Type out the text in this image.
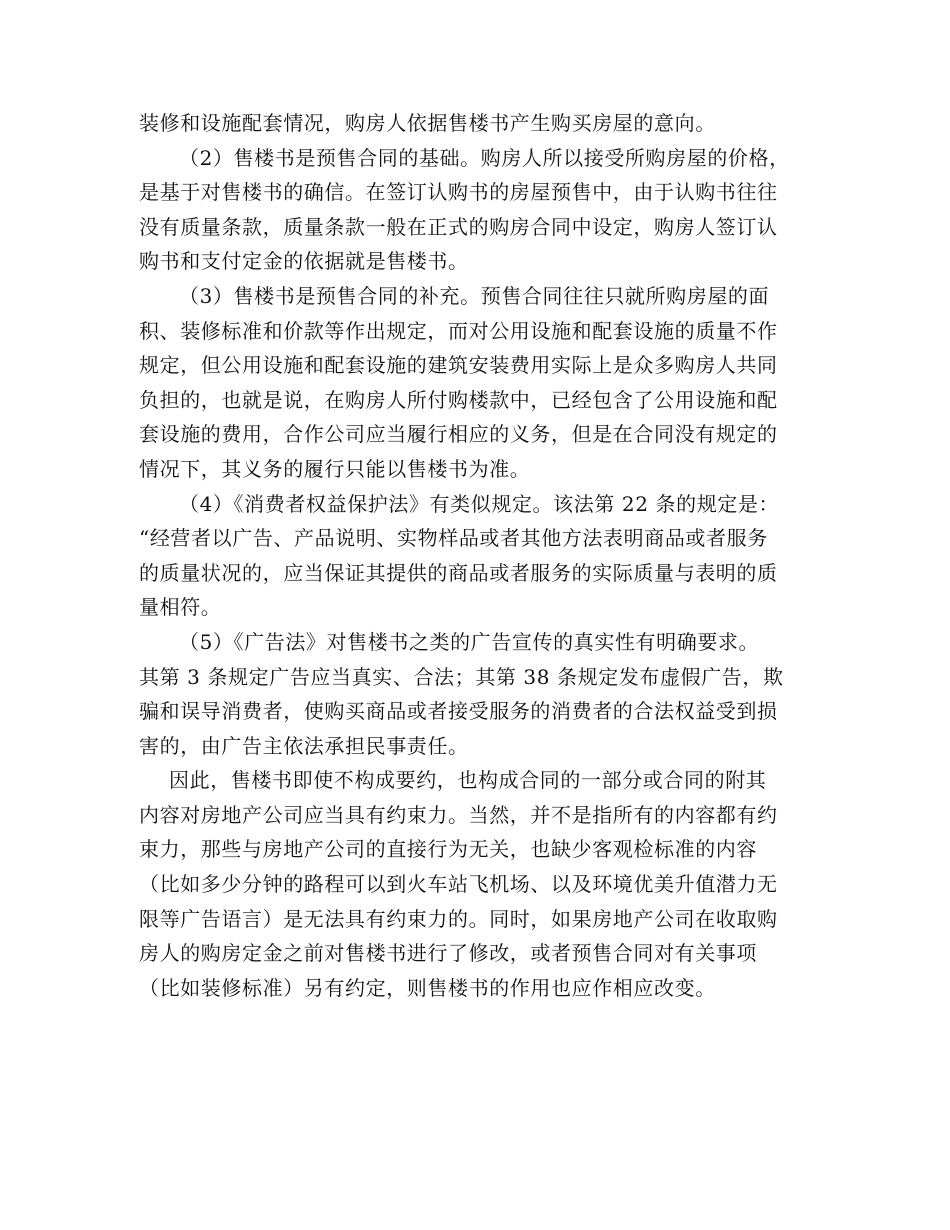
装修和设施配套情况，购房人依据售楼书产生购买房屋的意向。
（2）售楼书是预售合同的基础。购房人所以接受所购房屋的价格，
是基于对售楼书的确信。在签订认购书的房屋预售中，由于认购书往往
没有质量条款，质量条款一般在正式的购房合同中设定，购房人签订认
购书和支付定金的依据就是售楼书。
（3）售楼书是预售合同的补充。预售合同往往只就所购房屋的面
积、装修标准和价款等作出规定，而对公用设施和配套设施的质量不作
规定，但公用设施和配套设施的建筑安装费用实际上是众多购房人共同
负担的，也就是说，在购房人所付购楼款中，已经包含了公用设施和配
套设施的费用，合作公司应当履行相应的义务，但是在合同没有规定的
情况下，其义务的履行只能以售楼书为准。
（4）《消费者权益保护法》有类似规定。该法第 22 条的规定是：
“经营者以广告、产品说明、实物样品或者其他方法表明商品或者服务
的质量状况的，应当保证其提供的商品或者服务的实际质量与表明的质
量相符。
（5）《广告法》对售楼书之类的广告宣传的真实性有明确要求。
其第 3 条规定广告应当真实、合法；其第 38 条规定发布虚假广告，欺
骗和误导消费者，使购买商品或者接受服务的消费者的合法权益受到损
害的，由广告主依法承担民事责任。
因此，售楼书即使不构成要约，也构成合同的一部分或合同的附其
内容对房地产公司应当具有约束力。当然，并不是指所有的内容都有约
束力，那些与房地产公司的直接行为无关，也缺少客观检标准的内容
（比如多少分钟的路程可以到火车站飞机场、以及环境优美升值潜力无
限等广告语言）是无法具有约束力的。同时，如果房地产公司在收取购
房人的购房定金之前对售楼书进行了修改，或者预售合同对有关事项
（比如装修标准）另有约定，则售楼书的作用也应作相应改变。
